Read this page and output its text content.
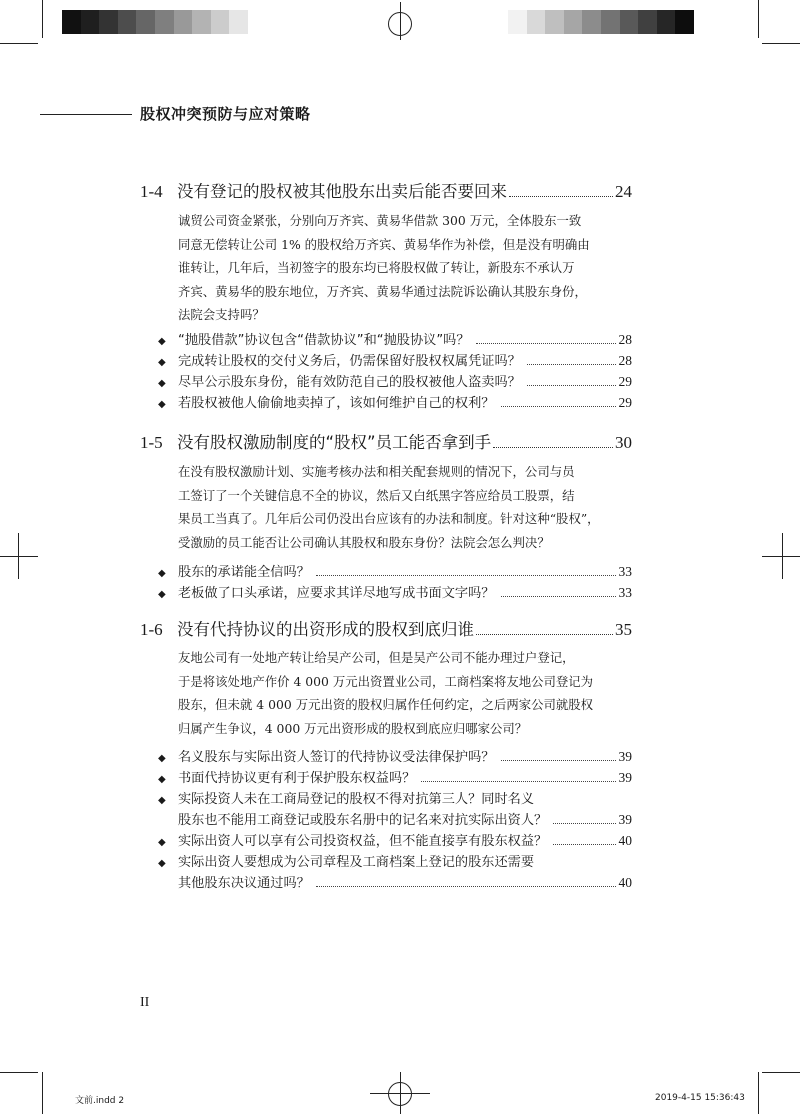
股权冲突预防与应对策略
1-4 没有登记的股权被其他股东出卖后能否要回来	24
诚贸公司资金紧张，分别向万齐宾、黄易华借款 300 万元，全体股东一致
同意无偿转让公司 1% 的股权给万齐宾、黄易华作为补偿，但是没有明确由
谁转让，几年后，当初签字的股东均已将股权做了转让，新股东不承认万
齐宾、黄易华的股东地位，万齐宾、黄易华通过法院诉讼确认其股东身份，
法院会支持吗？
◆ “抛股借款”协议包含“借款协议”和“抛股协议”吗？	28
◆ 完成转让股权的交付义务后，仍需保留好股权权属凭证吗？	28
◆ 尽早公示股东身份，能有效防范自己的股权被他人盗卖吗？	29
◆ 若股权被他人偷偷地卖掉了，该如何维护自己的权利？	29
1-5 没有股权激励制度的“股权”员工能否拿到手	30
在没有股权激励计划、实施考核办法和相关配套规则的情况下，公司与员
工签订了一个关键信息不全的协议，然后又白纸黑字答应给员工股票，结
果员工当真了。几年后公司仍没出台应该有的办法和制度。针对这种“股权”，
受激励的员工能否让公司确认其股权和股东身份？法院会怎么判决？
◆ 股东的承诺能全信吗？	33
◆ 老板做了口头承诺，应要求其详尽地写成书面文字吗？	33
1-6 没有代持协议的出资形成的股权到底归谁	35
友地公司有一处地产转让给吴产公司，但是吴产公司不能办理过户登记，
于是将该处地产作价 4 000 万元出资置业公司，工商档案将友地公司登记为
股东，但未就 4 000 万元出资的股权归属作任何约定，之后两家公司就股权
归属产生争议，4 000 万元出资形成的股权到底应归哪家公司？
◆ 名义股东与实际出资人签订的代持协议受法律保护吗？	39
◆ 书面代持协议更有利于保护股东权益吗？	39
◆ 实际投资人未在工商局登记的股权不得对抗第三人？同时名义
股东也不能用工商登记或股东名册中的记名来对抗实际出资人？	39
◆ 实际出资人可以享有公司投资权益，但不能直接享有股东权益？	40
◆ 实际出资人要想成为公司章程及工商档案上登记的股东还需要
其他股东决议通过吗？	40
II
文前.indd 2	2019-4-15 15:36:43
